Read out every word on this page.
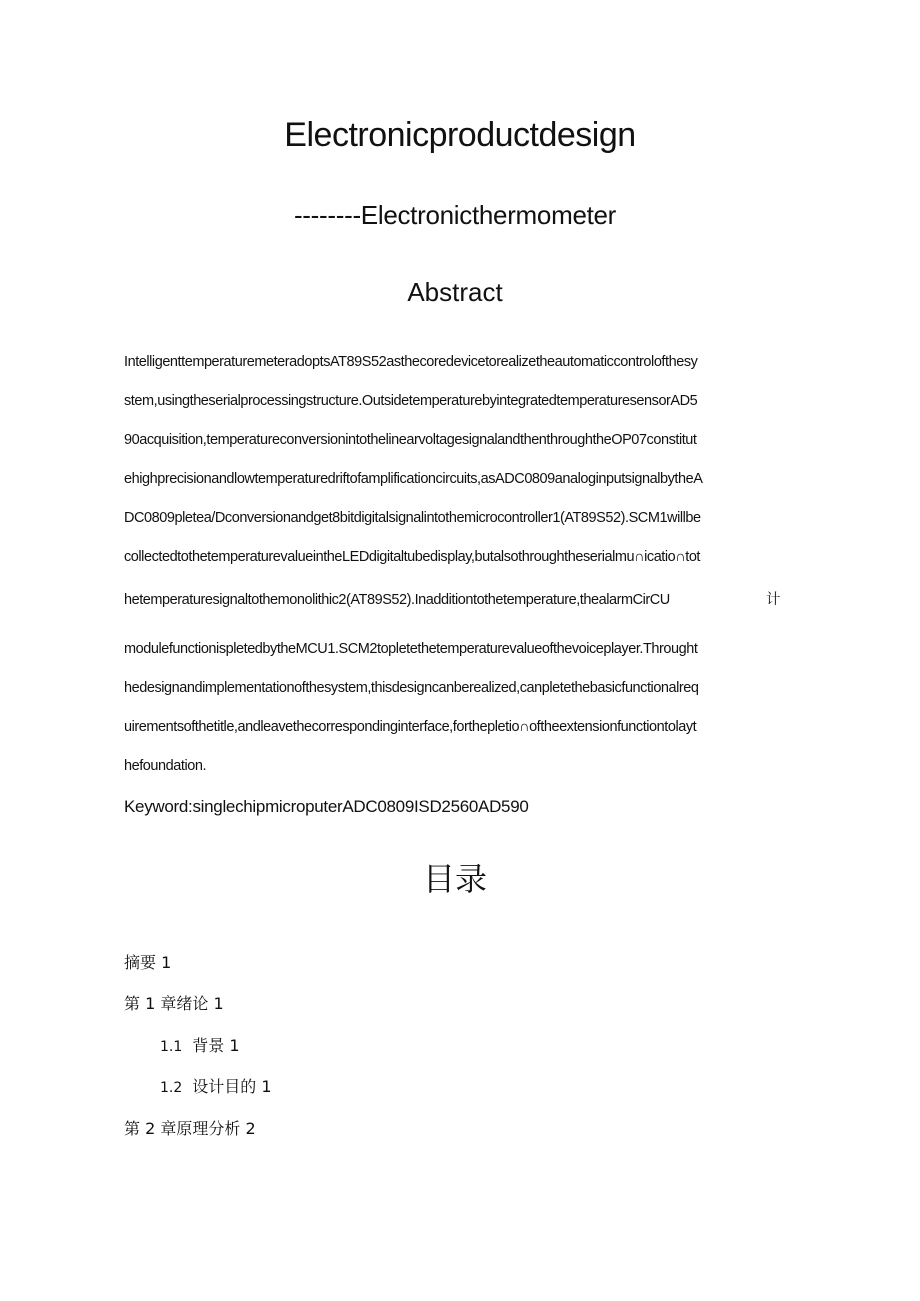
Electronicproductdesign
--------Electronicthermometer
Abstract
IntelligenttemperaturemeteradoptsAT89S52asthecoredevicetorealizetheautomaticcontrolofthesy
stem,usingtheserialprocessingstructure.OutsidetemperaturebyintegratedtemperaturesensorAD5
90acquisition,temperatureconversionintothelinearvoltagesignalandthenthroughtheOP07constitut
ehighprecisionandlowtemperaturedriftofamplificationcircuits,asADC0809analoginputsignalbytheA
DC0809pletea/Dconversionandget8bitdigitalsignalintothemicrocontroller1(AT89S52).SCM1willbe
collectedtothetemperaturevalueintheLEDdigitaltubedisplay,butalsothroughtheserialmu∩icatio∩tot
hetemperaturesignaltothemonolithic2(AT89S52).Inadditiontothetemperature,thealarmCirCU	计
modulefunctionispletedbytheMCU1.SCM2topletethetemperaturevalueofthevoiceplayer.Throught
hedesignandimplementationofthesystem,thisdesigncanberealized,canpletethebasicfunctionalreq
uirementsofthetitle,andleavethecorrespondinginterface,forthepletio∩oftheextensionfunctiontolayt
hefoundation.
Keyword:singlechipmicroputerADC0809ISD2560AD590
目录
摘要 1
第 1 章绪论 1
1.1 背景 1
1.2 设计目的 1
第 2 章原理分析 2
